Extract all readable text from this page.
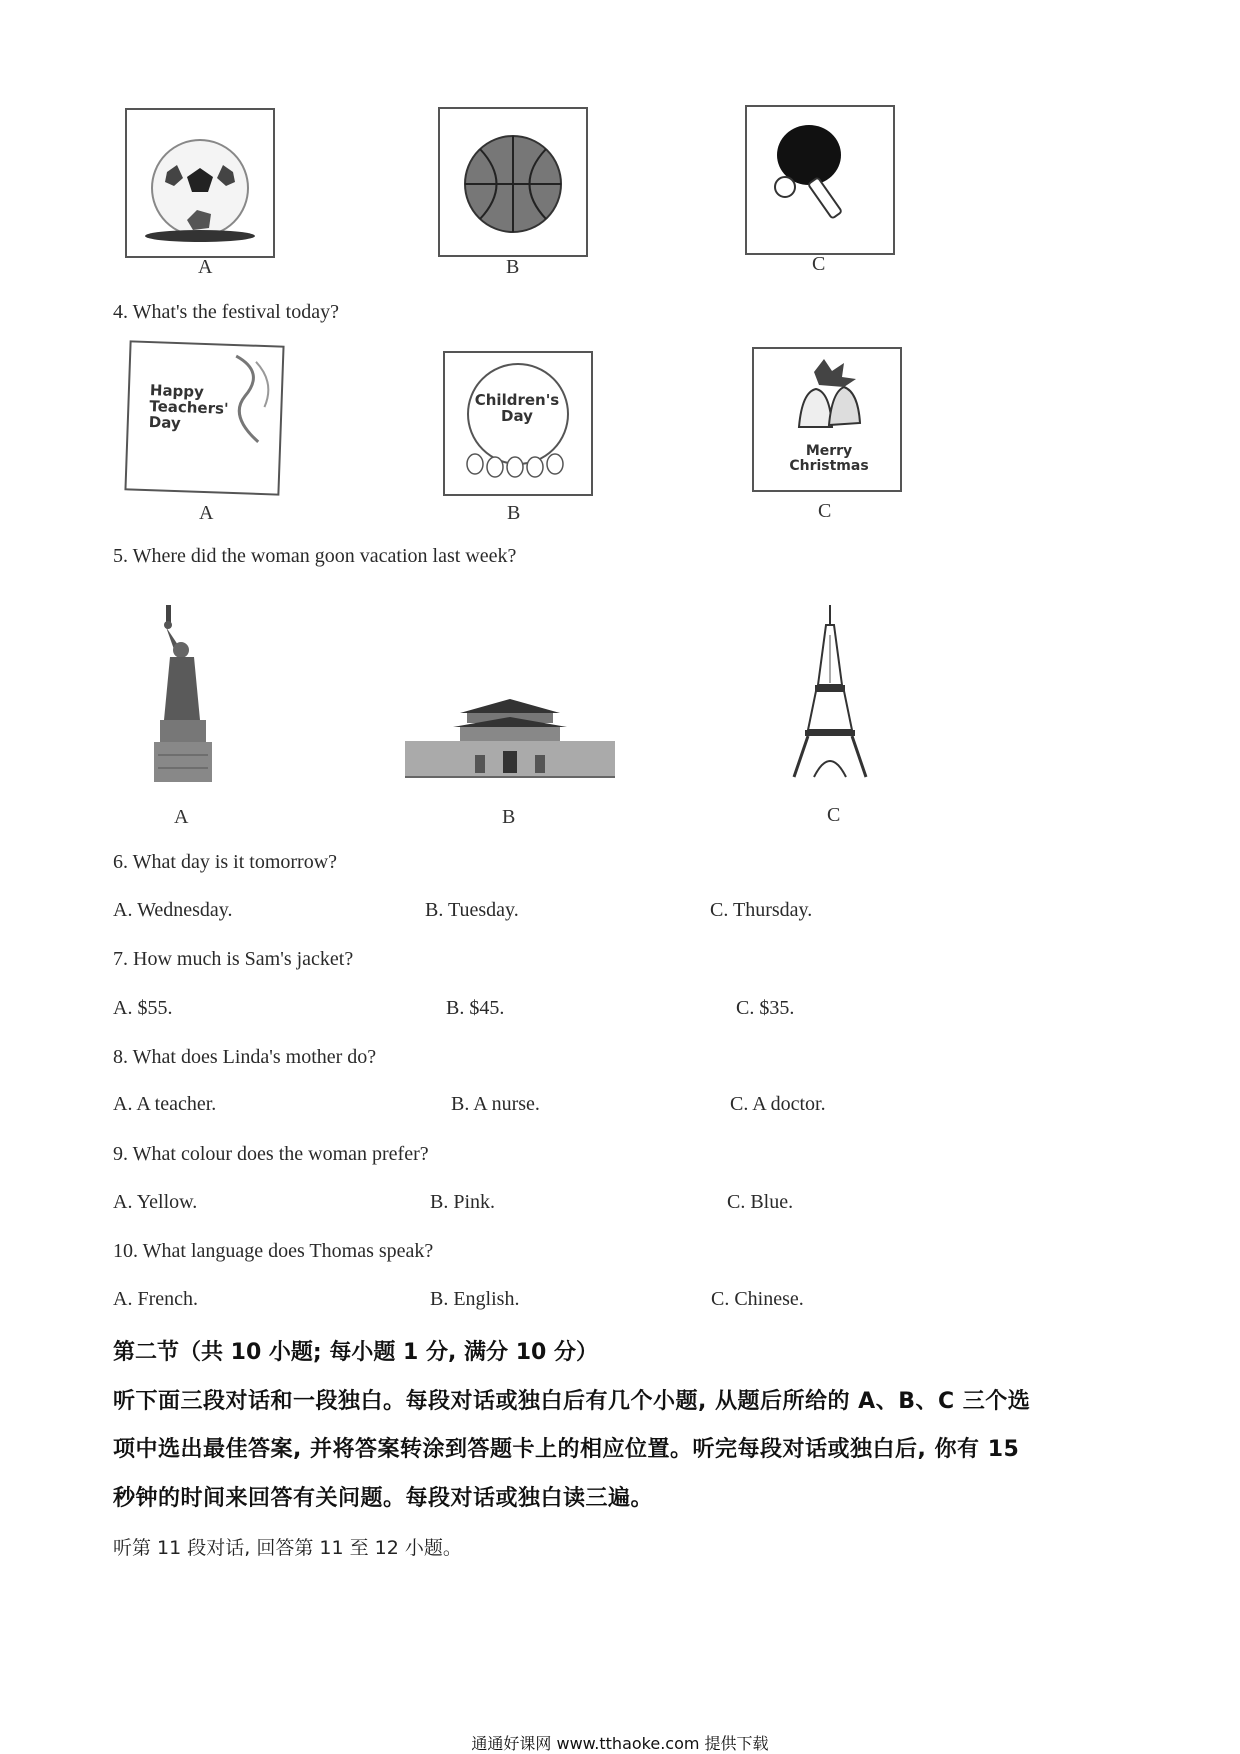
A	B	C
4. What's the festival today?
Happy
Teachers'
Day
A
Children's
Day
B
Merry
Christmas
C
5. Where did the woman goon vacation last week?
A	B	C
6. What day is it tomorrow?
A. Wednesday.	B. Tuesday.	C. Thursday.
7. How much is Sam's jacket?
A. $55.	B. $45.	C. $35.
8. What does Linda's mother do?
A. A teacher.	B. A nurse.	C. A doctor.
9. What colour does the woman prefer?
A. Yellow.	B. Pink.	C. Blue.
10. What language does Thomas speak?
A. French.	B. English.	C. Chinese.
第二节（共 10 小题; 每小题 1 分, 满分 10 分）
听下面三段对话和一段独白。每段对话或独白后有几个小题, 从题后所给的 A、B、C 三个选
项中选出最佳答案, 并将答案转涂到答题卡上的相应位置。听完每段对话或独白后, 你有 15
秒钟的时间来回答有关问题。每段对话或独白读三遍。
听第 11 段对话, 回答第 11 至 12 小题。
通通好课网 www.tthaoke.com 提供下载
